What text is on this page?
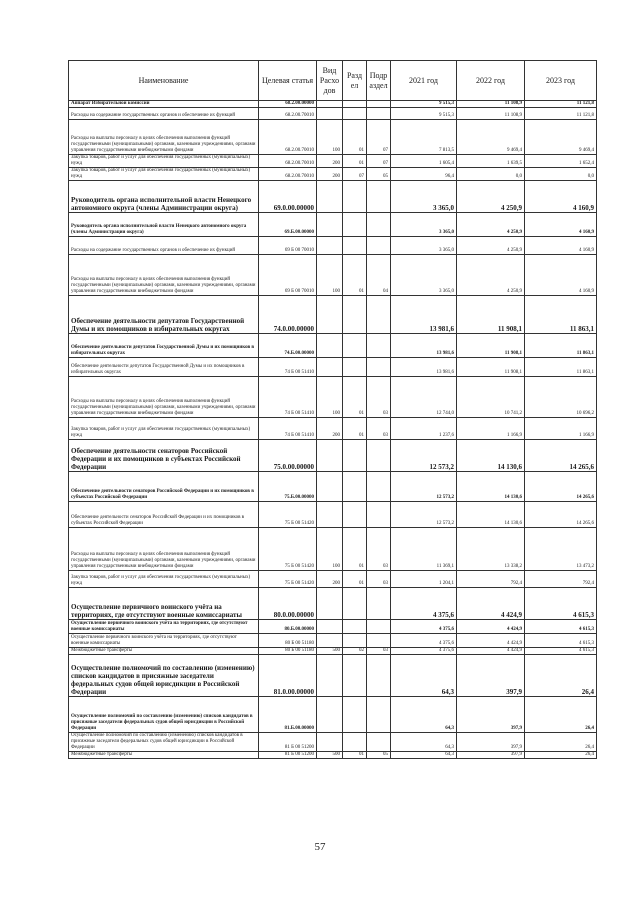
Наименование	Целевая статья	Вид Расхо дов	Разд ел	Подр аздел	2021 год	2022 год	2023 год
Аппарат Избирательной комиссии	68.2.00.00000				9 515,3	11 108,9	11 121,8
Расходы на содержание государственных органов и обеспечение их функций	68.2.00.70010				9 515,3	11 108,9	11 121,8
Расходы на выплаты персоналу в целях обеспечения выполнения функций государственными (муниципальными) органами, казенными учреждениями, органами управления государственными внебюджетными фондами	68.2.00.70010	100	01	07	7 813,5	9 469,4	9 469,4
Закупка товаров, работ и услуг для обеспечения государственных (муниципальных) нужд	68.2.00.70010	200	01	07	1 605,4	1 639,5	1 652,4
Закупка товаров, работ и услуг для обеспечения государственных (муниципальных) нужд	68.2.00.70010	200	07	05	96,4	0,0	0,0
Руководитель органа исполнительной власти Ненецкого автономного округа (члены Администрации округа)	69.0.00.00000				3 365,0	4 250,9	4 160,9
Руководитель органа исполнительной власти Ненецкого автономного округа (члены Администрации округа)	69.Б.00.00000				3 365,0	4 250,9	4 160,9
Расходы на содержание государственных органов и обеспечение их функций	69 Б 00 70010				3 365,0	4 250,9	4 160,9
Расходы на выплаты персоналу в целях обеспечения выполнения функций государственными (муниципальными) органами, казенными учреждениями, органами управления государственными внебюджетными фондами	69 Б 00 70010	100	01	04	3 365,0	4 250,9	4 160,9
Обеспечение деятельности депутатов Государственной Думы и их помощников в избирательных округах	74.0.00.00000				13 981,6	11 908,1	11 863,1
Обеспечение деятельности депутатов Государственной Думы и их помощников в избирательных округах	74.Б.00.00000				13 981,6	11 908,1	11 863,1
Обеспечение деятельности депутатов Государственной Думы и их помощников в избирательных округах	74 Б 00 51410				13 981,6	11 908,1	11 863,1
Расходы на выплаты персоналу в целях обеспечения выполнения функций государственными (муниципальными) органами, казенными учреждениями, органами управления государственными внебюджетными фондами	74 Б 00 51410	100	01	03	12 744,0	10 741,2	10 696,2
Закупка товаров, работ и услуг для обеспечения государственных (муниципальных) нужд	74 Б 00 51410	200	01	03	1 237,6	1 166,9	1 166,9
Обеспечение деятельности сенаторов Российской Федерации и их помощников в субъектах Российской Федерации	75.0.00.00000				12 573,2	14 130,6	14 265,6
Обеспечение деятельности сенаторов Российской Федерации и их помощников в субъектах Российской Федерации	75.Б.00.00000				12 573,2	14 130,6	14 265,6
Обеспечение деятельности сенаторов Российской Федерации и их помощников в субъектах Российской Федерации	75 Б 00 51420				12 573,2	14 130,6	14 265,6
Расходы на выплаты персоналу в целях обеспечения выполнения функций государственными (муниципальными) органами, казенными учреждениями, органами управления государственными внебюджетными фондами	75 Б 00 51420	100	01	03	11 369,1	13 338,2	13 473,2
Закупка товаров, работ и услуг для обеспечения государственных (муниципальных) нужд	75 Б 00 51420	200	01	03	1 204,1	792,4	792,4
Осуществление первичного воинского учёта на территориях, где отсутствуют военные комиссариаты	80.0.00.00000				4 375,6	4 424,9	4 615,3
Осуществление первичного воинского учёта на территориях, где отсутствуют военные комиссариаты	80.Б.00.00000				4 375,6	4 424,9	4 615,3
Осуществление первичного воинского учёта на территориях, где отсутствуют военные комиссариаты	80 Б 00 51180				4 375,6	4 424,9	4 615,3
Межбюджетные трансферты	80 Б 00 51180	500	02	03	4 375,6	4 424,9	4 615,3
Осуществление полномочий по составлению (изменению) списков кандидатов в присяжные заседатели федеральных судов общей юрисдикции в Российской Федерации	81.0.00.00000				64,3	397,9	26,4
Осуществление полномочий по составлению (изменению) списков кандидатов в присяжные заседатели федеральных судов общей юрисдикции в Российской Федерации	81.Б.00.00000				64,3	397,9	26,4
Осуществление полномочий по составлению (изменению) списков кандидатов в присяжные заседатели федеральных судов общей юрисдикции в Российской Федерации	81 Б 00 51200				64,3	397,9	26,4
Межбюджетные трансферты	81 Б 00 51200	500	01	05	64,3	397,9	26,4
57
